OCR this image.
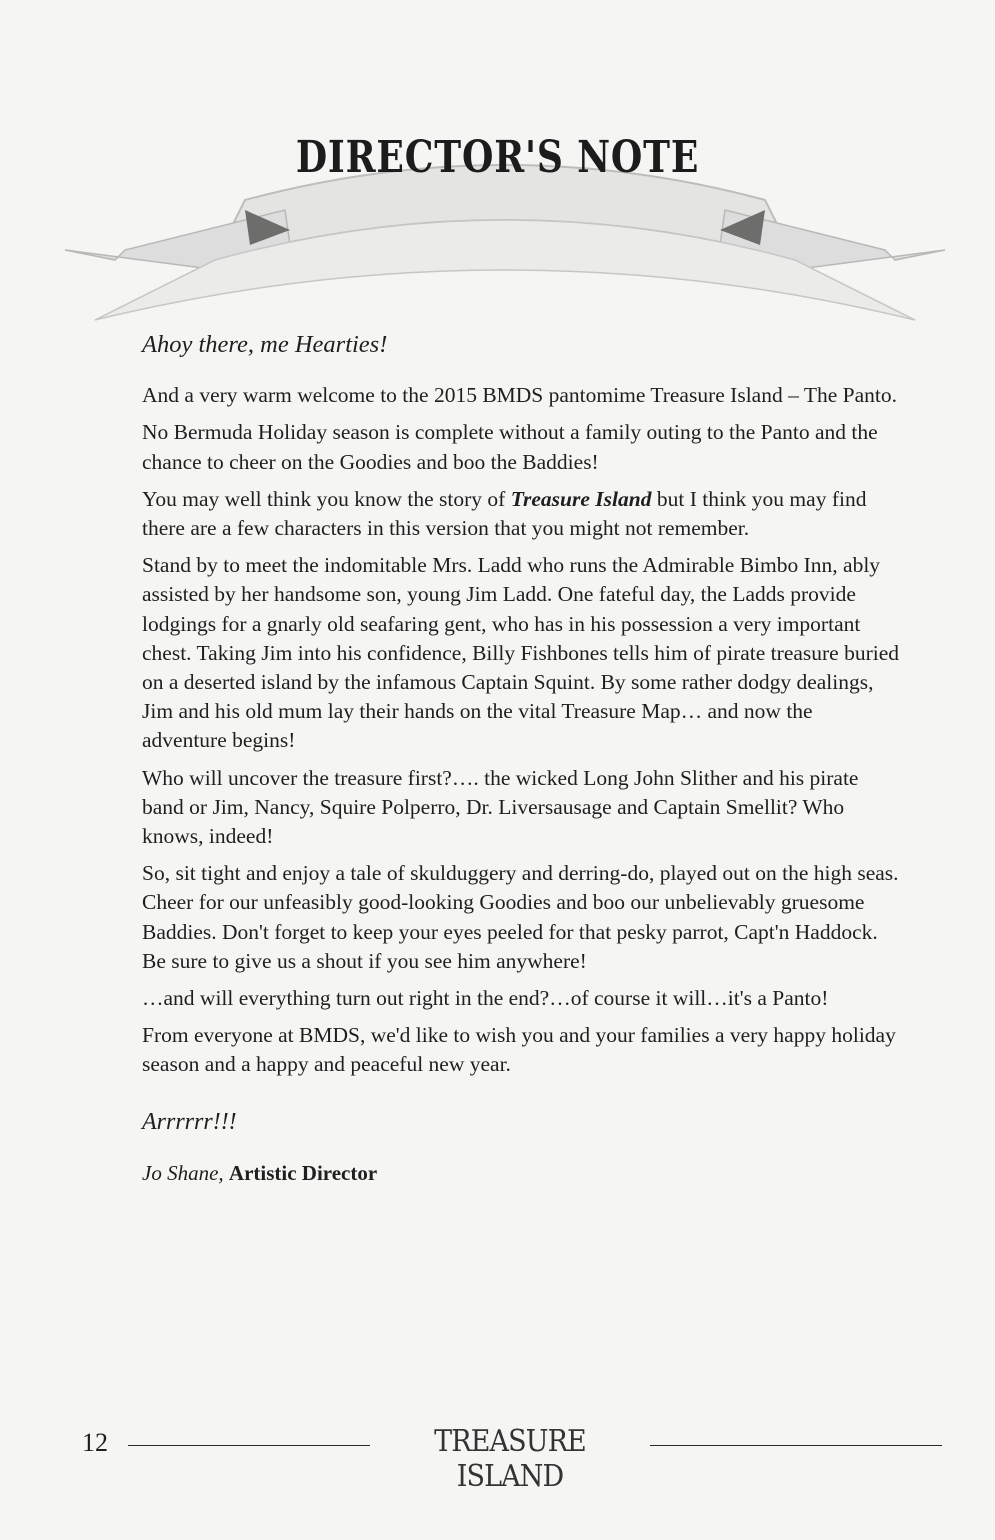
DIRECTOR'S NOTE

Ahoy there, me Hearties!

And a very warm welcome to the 2015 BMDS pantomime Treasure Island – The Panto.

No Bermuda Holiday season is complete without a family outing to the Panto and the chance to cheer on the Goodies and boo the Baddies!

You may well think you know the story of Treasure Island but I think you may find there are a few characters in this version that you might not remember.

Stand by to meet the indomitable Mrs. Ladd who runs the Admirable Bimbo Inn, ably assisted by her handsome son, young Jim Ladd. One fateful day, the Ladds provide lodgings for a gnarly old seafaring gent, who has in his possession a very important chest. Taking Jim into his confidence, Billy Fishbones tells him of pirate treasure buried on a deserted island by the infamous Captain Squint. By some rather dodgy dealings, Jim and his old mum lay their hands on the vital Treasure Map… and now the adventure begins!

Who will uncover the treasure first?…. the wicked Long John Slither and his pirate band or Jim, Nancy, Squire Polperro, Dr. Liversausage and Captain Smellit? Who knows, indeed!

So, sit tight and enjoy a tale of skulduggery and derring-do, played out on the high seas. Cheer for our unfeasibly good-looking Goodies and boo our unbelievably gruesome Baddies. Don't forget to keep your eyes peeled for that pesky parrot, Capt'n Haddock. Be sure to give us a shout if you see him anywhere!

…and will everything turn out right in the end?…of course it will…it's a Panto!

From everyone at BMDS, we'd like to wish you and your families a very happy holiday season and a happy and peaceful new year.

Arrrrrr!!!

Jo Shane, Artistic Director

12	TREASURE ISLAND
